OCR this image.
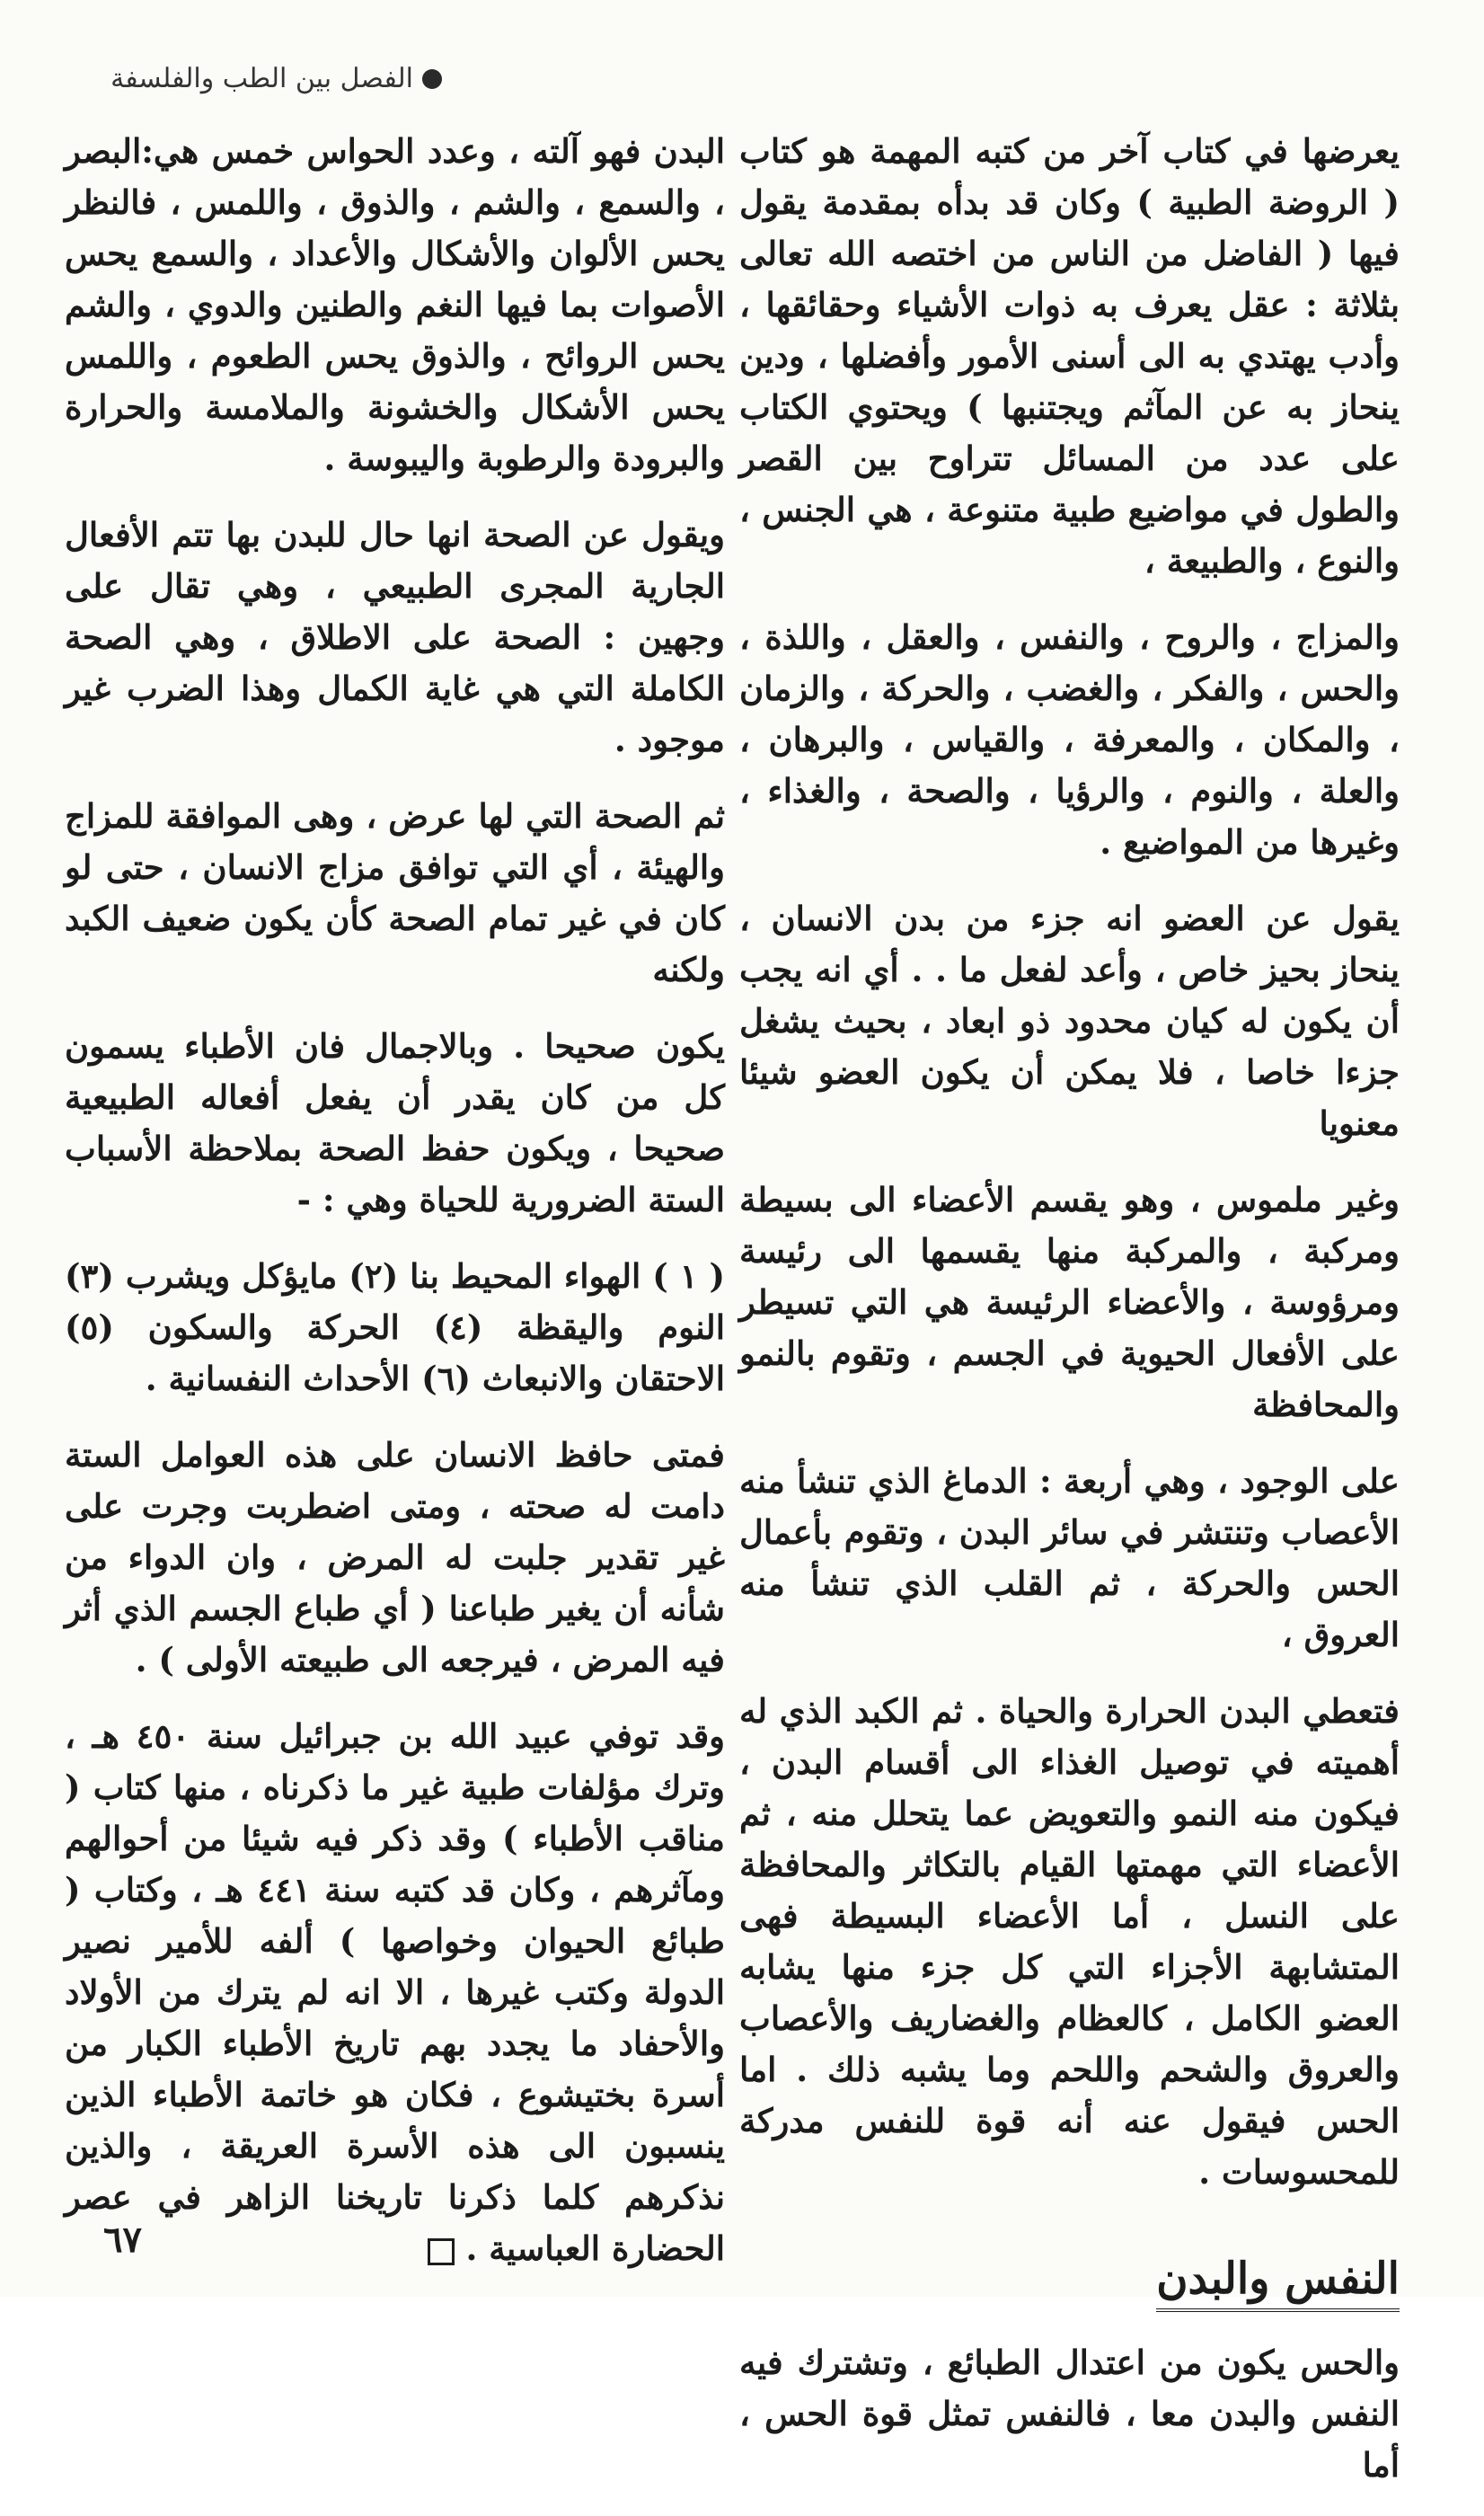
الفصل بين الطب والفلسفة

يعرضها في كتاب آخر من كتبه المهمة هو كتاب ( الروضة الطبية ) وكان قد بدأه بمقدمة يقول فيها ( الفاضل من الناس من اختصه الله تعالى بثلاثة : عقل يعرف به ذوات الأشياء وحقائقها ، وأدب يهتدي به الى أسنى الأمور وأفضلها ، ودين ينحاز به عن المآثم ويجتنبها ) ويحتوي الكتاب على عدد من المسائل تتراوح بين القصر والطول في مواضيع طبية متنوعة ، هي الجنس ، والنوع ، والطبيعة ،

والمزاج ، والروح ، والنفس ، والعقل ، واللذة ، والحس ، والفكر ، والغضب ، والحركة ، والزمان ، والمكان ، والمعرفة ، والقياس ، والبرهان ، والعلة ، والنوم ، والرؤيا ، والصحة ، والغذاء ، وغيرها من المواضيع .

يقول عن العضو انه جزء من بدن الانسان ، ينحاز بحيز خاص ، وأعد لفعل ما . . أي انه يجب أن يكون له كيان محدود ذو ابعاد ، بحيث يشغل جزءا خاصا ، فلا يمكن أن يكون العضو شيئا معنويا

وغير ملموس ، وهو يقسم الأعضاء الى بسيطة ومركبة ، والمركبة منها يقسمها الى رئيسة ومرؤوسة ، والأعضاء الرئيسة هي التي تسيطر على الأفعال الحيوية في الجسم ، وتقوم بالنمو والمحافظة

على الوجود ، وهي أربعة : الدماغ الذي تنشأ منه الأعصاب وتنتشر في سائر البدن ، وتقوم بأعمال الحس والحركة ، ثم القلب الذي تنشأ منه العروق ،

فتعطي البدن الحرارة والحياة . ثم الكبد الذي له أهميته في توصيل الغذاء الى أقسام البدن ، فيكون منه النمو والتعويض عما يتحلل منه ، ثم الأعضاء التي مهمتها القيام بالتكاثر والمحافظة على النسل ، أما الأعضاء البسيطة فهى المتشابهة الأجزاء التي كل جزء منها يشابه العضو الكامل ، كالعظام والغضاريف والأعصاب والعروق والشحم واللحم وما يشبه ذلك . اما الحس فيقول عنه أنه قوة للنفس مدركة للمحسوسات .

النفس والبدن

والحس يكون من اعتدال الطبائع ، وتشترك فيه النفس والبدن معا ، فالنفس تمثل قوة الحس ، أما

البدن فهو آلته ، وعدد الحواس خمس هي:البصر ، والسمع ، والشم ، والذوق ، واللمس ، فالنظر يحس الألوان والأشكال والأعداد ، والسمع يحس الأصوات بما فيها النغم والطنين والدوي ، والشم يحس الروائح ، والذوق يحس الطعوم ، واللمس يحس الأشكال والخشونة والملامسة والحرارة والبرودة والرطوبة واليبوسة .

ويقول عن الصحة انها حال للبدن بها تتم الأفعال الجارية المجرى الطبيعي ، وهي تقال على وجهين : الصحة على الاطلاق ، وهي الصحة الكاملة التي هي غاية الكمال وهذا الضرب غير موجود .

ثم الصحة التي لها عرض ، وهى الموافقة للمزاج والهيئة ، أي التي توافق مزاج الانسان ، حتى لو كان في غير تمام الصحة كأن يكون ضعيف الكبد ولكنه

يكون صحيحا . وبالاجمال فان الأطباء يسمون كل من كان يقدر أن يفعل أفعاله الطبيعية صحيحا ، ويكون حفظ الصحة بملاحظة الأسباب الستة الضرورية للحياة وهي : -

( ١ ) الهواء المحيط بنا (٢) مايؤكل ويشرب (٣) النوم واليقظة (٤) الحركة والسكون (٥) الاحتقان والانبعاث (٦) الأحداث النفسانية .

فمتى حافظ الانسان على هذه العوامل الستة دامت له صحته ، ومتى اضطربت وجرت على غير تقدير جلبت له المرض ، وان الدواء من شأنه أن يغير طباعنا ( أي طباع الجسم الذي أثر فيه المرض ، فيرجعه الى طبيعته الأولى ) .

وقد توفي عبيد الله بن جبرائيل سنة ٤٥٠ هـ ، وترك مؤلفات طبية غير ما ذكرناه ، منها كتاب ( مناقب الأطباء ) وقد ذكر فيه شيئا من أحوالهم ومآثرهم ، وكان قد كتبه سنة ٤٤١ هـ ، وكتاب ( طبائع الحيوان وخواصها ) ألفه للأمير نصير الدولة وكتب غيرها ، الا انه لم يترك من الأولاد والأحفاد ما يجدد بهم تاريخ الأطباء الكبار من أسرة بختيشوع ، فكان هو خاتمة الأطباء الذين ينسبون الى هذه الأسرة العريقة ، والذين نذكرهم كلما ذكرنا تاريخنا الزاهر في عصر الحضارة العباسية .

٦٧
